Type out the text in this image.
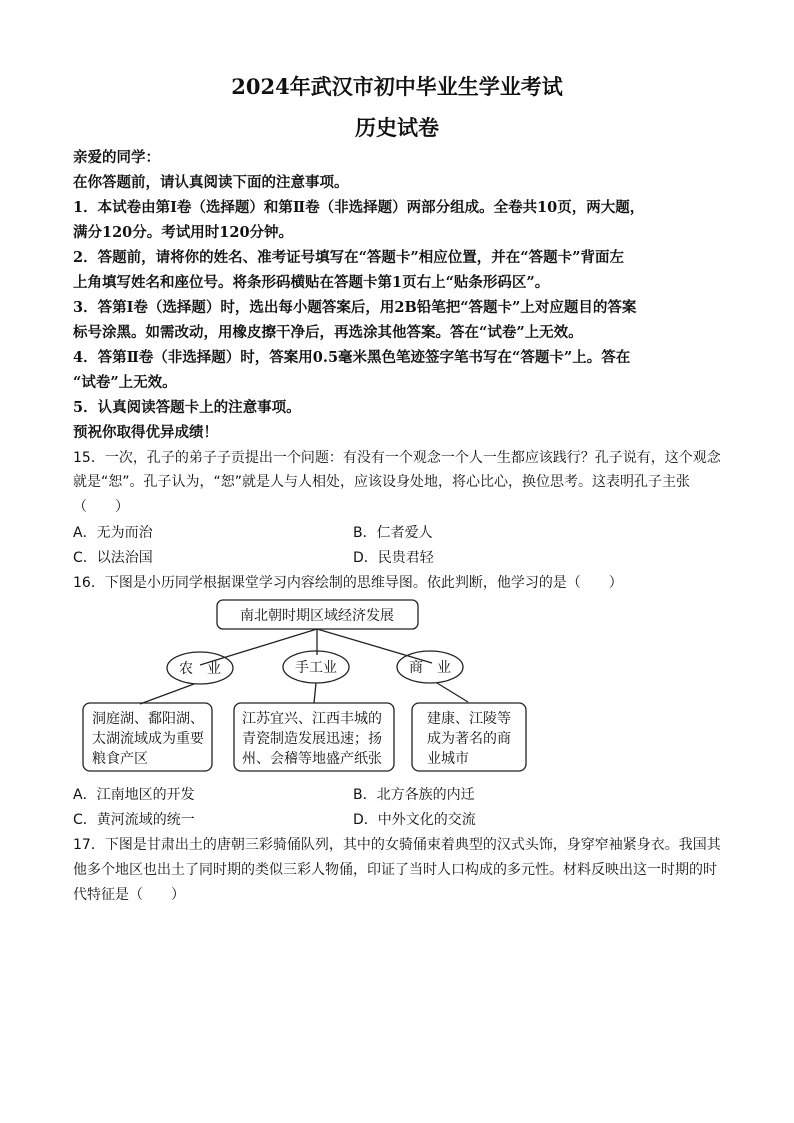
2024年武汉市初中毕业生学业考试
历史试卷
亲爱的同学：
在你答题前，请认真阅读下面的注意事项。
1．本试卷由第Ⅰ卷（选择题）和第Ⅱ卷（非选择题）两部分组成。全卷共10页，两大题，
满分120分。考试用时120分钟。
2．答题前，请将你的姓名、准考证号填写在“答题卡”相应位置，并在“答题卡”背面左
上角填写姓名和座位号。将条形码横贴在答题卡第1页右上“贴条形码区”。
3．答第Ⅰ卷（选择题）时，选出每小题答案后，用2B铅笔把“答题卡”上对应题目的答案
标号涂黑。如需改动，用橡皮擦干净后，再选涂其他答案。答在“试卷”上无效。
4．答第Ⅱ卷（非选择题）时，答案用0.5毫米黑色笔迹签字笔书写在“答题卡”上。答在
“试卷”上无效。
5．认真阅读答题卡上的注意事项。
预祝你取得优异成绩！
15．一次，孔子的弟子子贡提出一个问题：有没有一个观念一个人一生都应该践行？孔子说有，这个观念
就是“恕”。孔子认为，“恕”就是人与人相处，应该设身处地，将心比心，换位思考。这表明孔子主张
（　　）
A．无为而治	B．仁者爱人
C．以法治国	D．民贵君轻
16．下图是小历同学根据课堂学习内容绘制的思维导图。依此判断，他学习的是（　　）
南北朝时期区域经济发展
农　业	手工业	商　业
洞庭湖、鄱阳湖、
太湖流域成为重要
粮食产区
江苏宜兴、江西丰城的
青瓷制造发展迅速；扬
州、会稽等地盛产纸张
建康、江陵等
成为著名的商
业城市
A．江南地区的开发	B．北方各族的内迁
C．黄河流域的统一	D．中外文化的交流
17．下图是甘肃出土的唐朝三彩骑俑队列，其中的女骑俑束着典型的汉式头饰，身穿窄袖紧身衣。我国其
他多个地区也出土了同时期的类似三彩人物俑，印证了当时人口构成的多元性。材料反映出这一时期的时
代特征是（　　）
